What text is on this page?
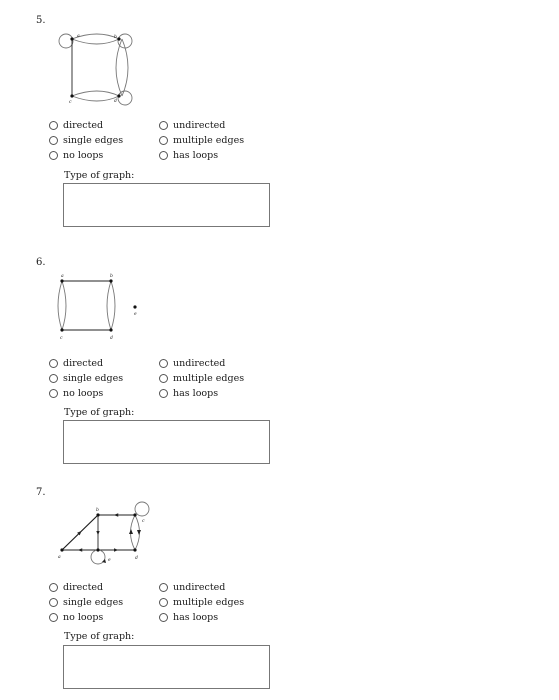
5.
a	b
c	d
directed	undirected
single edges	multiple edges
no loops	has loops
Type of graph:
6.
a	b
c	d
e
directed	undirected
single edges	multiple edges
no loops	has loops
Type of graph:
7.
a
b
c
d
e
directed	undirected
single edges	multiple edges
no loops	has loops
Type of graph:
